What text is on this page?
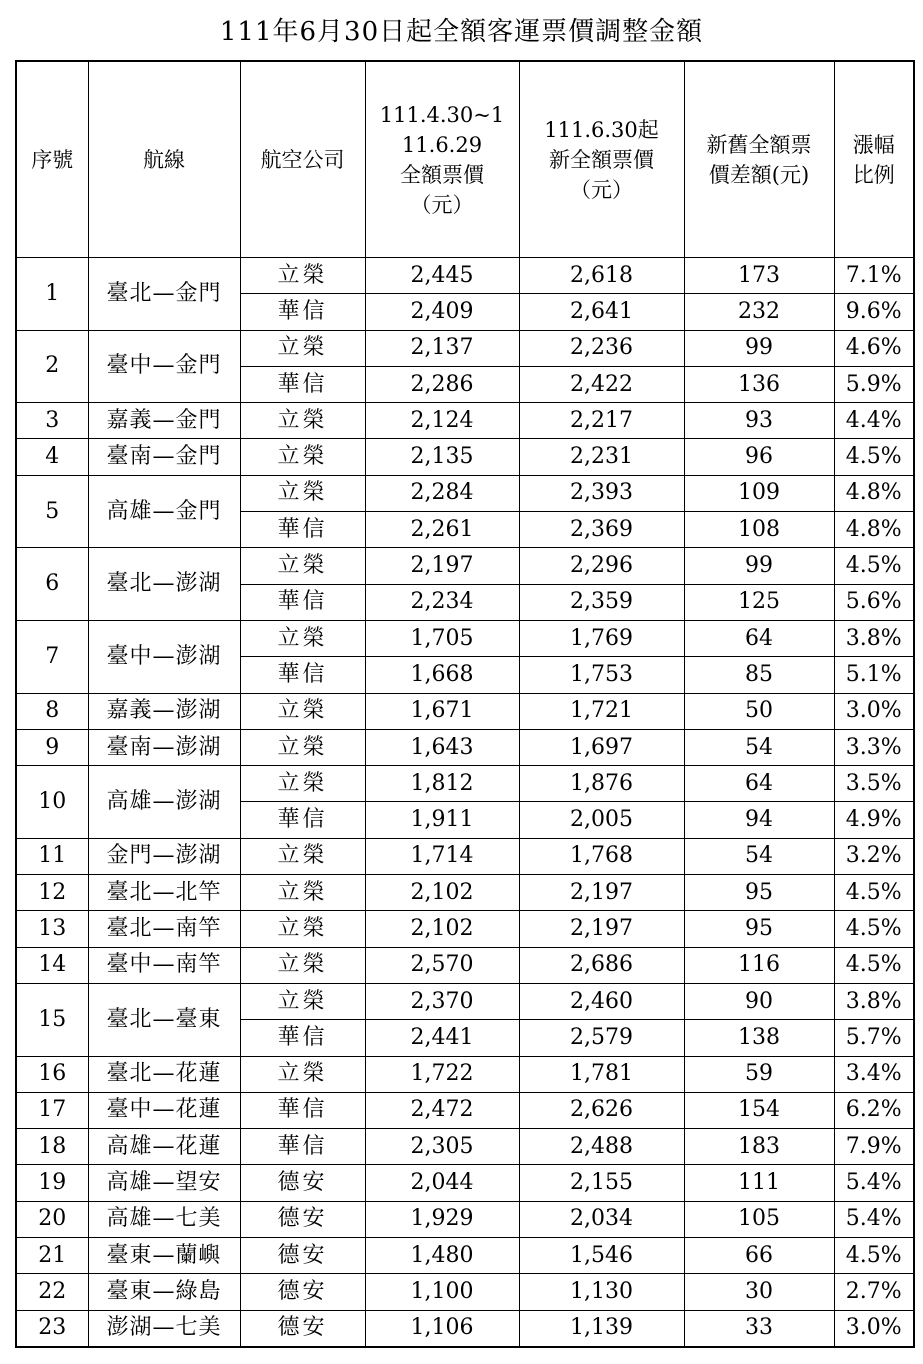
111年6月30日起全額客運票價調整金額
序號	航線	航空公司	111.4.30~1
11.6.29
全額票價
（元）	111.6.30起
新全額票價
（元）	新舊全額票
價差額(元)	漲幅
比例

1	臺北—金門	立榮	2,445	2,618	173	7.1%
		華信	2,409	2,641	232	9.6%
2	臺中—金門	立榮	2,137	2,236	99	4.6%
		華信	2,286	2,422	136	5.9%
3	嘉義—金門	立榮	2,124	2,217	93	4.4%
4	臺南—金門	立榮	2,135	2,231	96	4.5%
5	高雄—金門	立榮	2,284	2,393	109	4.8%
		華信	2,261	2,369	108	4.8%
6	臺北—澎湖	立榮	2,197	2,296	99	4.5%
		華信	2,234	2,359	125	5.6%
7	臺中—澎湖	立榮	1,705	1,769	64	3.8%
		華信	1,668	1,753	85	5.1%
8	嘉義—澎湖	立榮	1,671	1,721	50	3.0%
9	臺南—澎湖	立榮	1,643	1,697	54	3.3%
10	高雄—澎湖	立榮	1,812	1,876	64	3.5%
		華信	1,911	2,005	94	4.9%
11	金門—澎湖	立榮	1,714	1,768	54	3.2%
12	臺北—北竿	立榮	2,102	2,197	95	4.5%
13	臺北—南竿	立榮	2,102	2,197	95	4.5%
14	臺中—南竿	立榮	2,570	2,686	116	4.5%
15	臺北—臺東	立榮	2,370	2,460	90	3.8%
		華信	2,441	2,579	138	5.7%
16	臺北—花蓮	立榮	1,722	1,781	59	3.4%
17	臺中—花蓮	華信	2,472	2,626	154	6.2%
18	高雄—花蓮	華信	2,305	2,488	183	7.9%
19	高雄—望安	德安	2,044	2,155	111	5.4%
20	高雄—七美	德安	1,929	2,034	105	5.4%
21	臺東—蘭嶼	德安	1,480	1,546	66	4.5%
22	臺東—綠島	德安	1,100	1,130	30	2.7%
23	澎湖—七美	德安	1,106	1,139	33	3.0%
